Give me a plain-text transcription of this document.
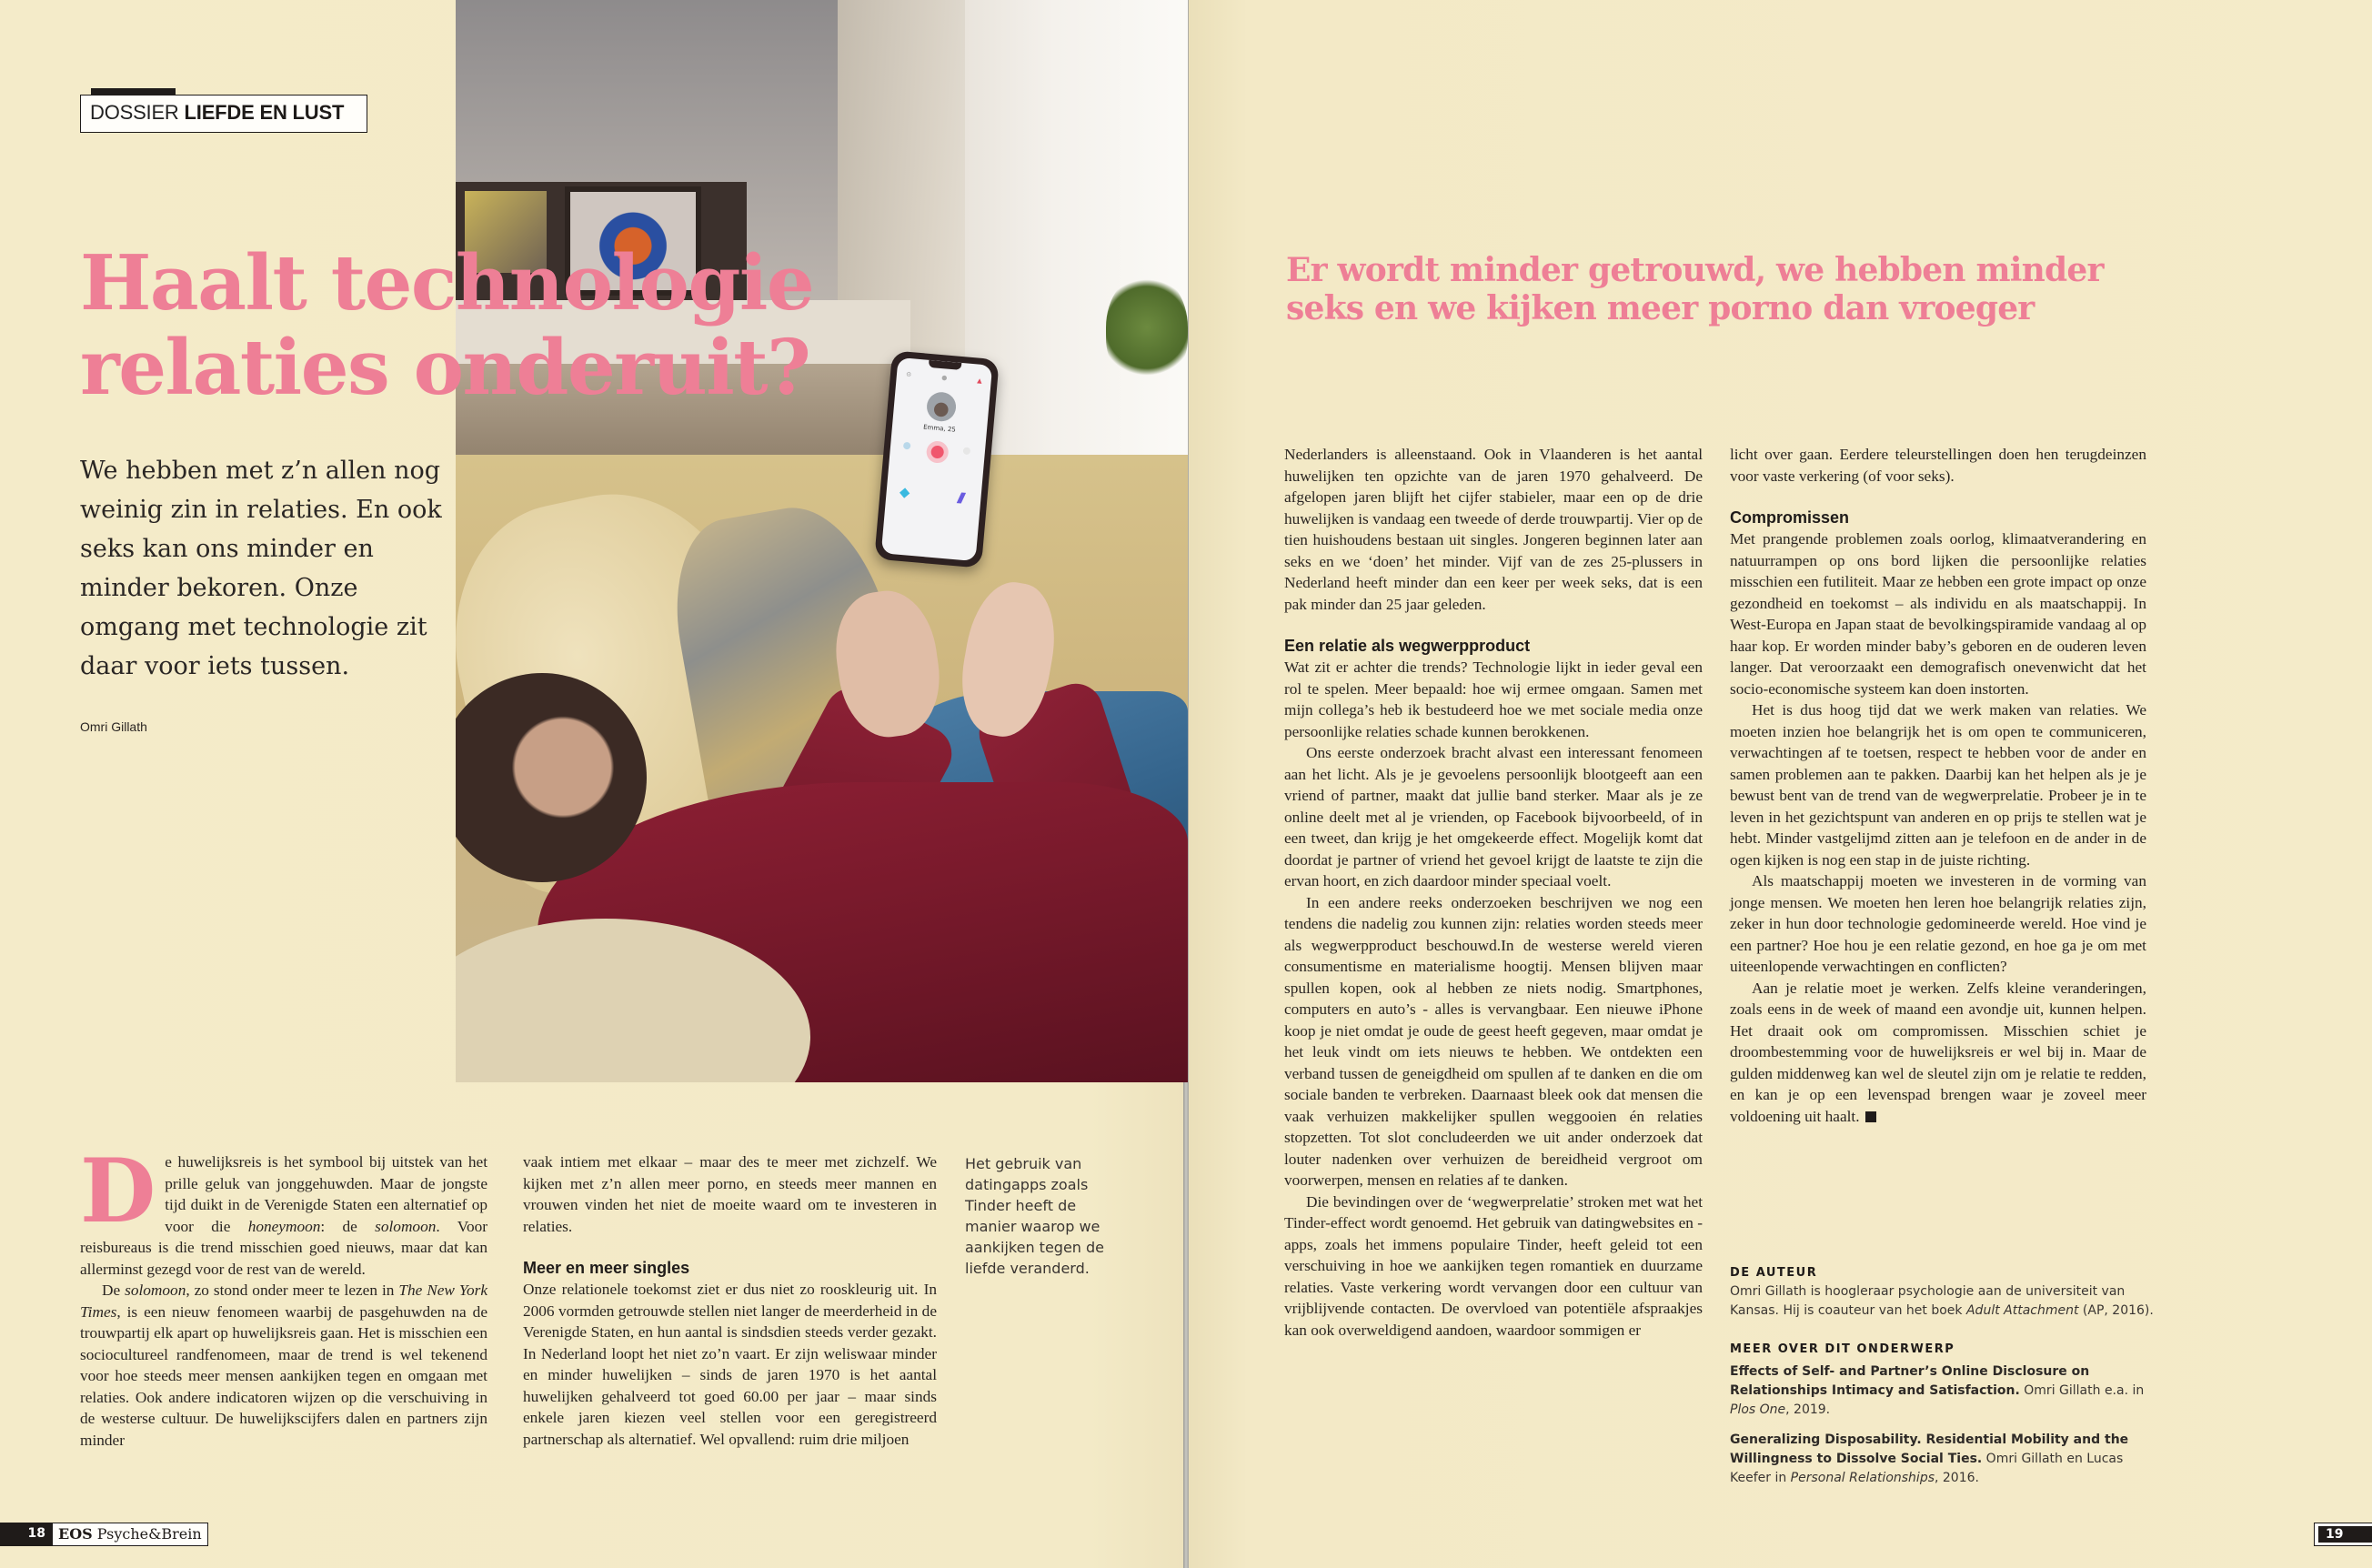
⚙	●	▲
Emma, 25
DOSSIER LIEFDE EN LUST
Haalt technologie
relaties onderuit?

We hebben met z’n allen nog weinig zin in relaties. En ook seks kan ons minder en minder bekoren. Onze omgang met technologie zit daar voor iets tussen.

Omri Gillath

De huwelijksreis is het symbool bij uitstek van het prille geluk van jonggehuwden. Maar de jongste tijd duikt in de Verenigde Staten een alternatief op voor die honeymoon: de solomoon. Voor reisbureaus is die trend misschien goed nieuws, maar dat kan allerminst gezegd voor de rest van de wereld.

De solomoon, zo stond onder meer te lezen in The New York Times, is een nieuw fenomeen waarbij de pasgehuwden na de trouwpartij elk apart op huwelijksreis gaan. Het is misschien een sociocultureel randfenomeen, maar de trend is wel tekenend voor hoe steeds meer mensen aankijken tegen en omgaan met relaties. Ook andere indicatoren wijzen op die verschuiving in de westerse cultuur. De huwelijkscijfers dalen en partners zijn minder

vaak intiem met elkaar – maar des te meer met zichzelf. We kijken met z’n allen meer porno, en steeds meer mannen en vrouwen vinden het niet de moeite waard om te investeren in relaties.

Meer en meer singles

Onze relationele toekomst ziet er dus niet zo rooskleurig uit. In 2006 vormden getrouwde stellen niet langer de meerderheid in de Verenigde Staten, en hun aantal is sindsdien steeds verder gezakt. In Nederland loopt het niet zo’n vaart. Er zijn weliswaar minder en minder huwelijken – sinds de jaren 1970 is het aantal huwelijken gehalveerd tot goed 60.00 per jaar – maar sinds enkele jaren kiezen veel stellen voor een geregistreerd partnerschap als alternatief. Wel opvallend: ruim drie miljoen

Het gebruik van datingapps zoals Tinder heeft de manier waarop we aankijken tegen de liefde veranderd.
Er wordt minder getrouwd, we hebben minder seks en we kijken meer porno dan vroeger

Nederlanders is alleenstaand. Ook in Vlaanderen is het aantal huwelijken ten opzichte van de jaren 1970 gehalveerd. De afgelopen jaren blijft het cijfer stabieler, maar een op de drie huwelijken is vandaag een tweede of derde trouwpartij. Vier op de tien huishoudens bestaan uit singles. Jongeren beginnen later aan seks en we ‘doen’ het minder. Vijf van de zes 25-plussers in Nederland heeft minder dan een keer per week seks, dat is een pak minder dan 25 jaar geleden.

Een relatie als wegwerpproduct

Wat zit er achter die trends? Technologie lijkt in ieder geval een rol te spelen. Meer bepaald: hoe wij ermee omgaan. Samen met mijn collega’s heb ik bestudeerd hoe we met sociale media onze persoonlijke relaties schade kunnen berokkenen.

Ons eerste onderzoek bracht alvast een interessant fenomeen aan het licht. Als je je gevoelens persoonlijk blootgeeft aan een vriend of partner, maakt dat jullie band sterker. Maar als je ze online deelt met al je vrienden, op Facebook bijvoorbeeld, of in een tweet, dan krijg je het omgekeerde effect. Mogelijk komt dat doordat je partner of vriend het gevoel krijgt de laatste te zijn die ervan hoort, en zich daardoor minder speciaal voelt.

In een andere reeks onderzoeken beschrijven we nog een tendens die nadelig zou kunnen zijn: relaties worden steeds meer als wegwerpproduct beschouwd.In de westerse wereld vieren consumentisme en materialisme hoogtij. Mensen blijven maar spullen kopen, ook al hebben ze niets nodig. Smartphones, computers en auto’s - alles is vervangbaar. Een nieuwe iPhone koop je niet omdat je oude de geest heeft gegeven, maar omdat je het leuk vindt om iets nieuws te hebben. We ontdekten een verband tussen de geneigdheid om spullen af te danken en die om sociale banden te verbreken. Daarnaast bleek ook dat mensen die vaak verhuizen makkelijker spullen weggooien én relaties stopzetten. Tot slot concludeerden we uit ander onderzoek dat louter nadenken over verhuizen de bereidheid vergroot om voorwerpen, mensen en relaties af te danken.

Die bevindingen over de ‘wegwerprelatie’ stroken met wat het Tinder-effect wordt genoemd. Het gebruik van datingwebsites en -apps, zoals het immens populaire Tinder, heeft geleid tot een verschuiving in hoe we aankijken tegen romantiek en duurzame relaties. Vaste verkering wordt vervangen door een cultuur van vrijblijvende contacten. De overvloed van potentiële afspraakjes kan ook overweldigend aandoen, waardoor sommigen er

licht over gaan. Eerdere teleurstellingen doen hen terugdeinzen voor vaste verkering (of voor seks).

Compromissen

Met prangende problemen zoals oorlog, klimaatverandering en natuurrampen op ons bord lijken die persoonlijke relaties misschien een futiliteit. Maar ze hebben een grote impact op onze gezondheid en toekomst – als individu en als maatschappij. In West-Europa en Japan staat de bevolkingspiramide vandaag al op haar kop. Er worden minder baby’s geboren en de ouderen leven langer. Dat veroorzaakt een demografisch onevenwicht dat het socio-economische systeem kan doen instorten.

Het is dus hoog tijd dat we werk maken van relaties. We moeten inzien hoe belangrijk het is om open te communiceren, verwachtingen af te toetsen, respect te hebben voor de ander en samen problemen aan te pakken. Daarbij kan het helpen als je je bewust bent van de trend van de wegwerprelatie. Probeer je in te leven in het gezichtspunt van anderen en op prijs te stellen wat je hebt. Minder vastgelijmd zitten aan je telefoon en de ander in de ogen kijken is nog een stap in de juiste richting.

Als maatschappij moeten we investeren in de vorming van jonge mensen. We moeten hen leren hoe belangrijk relaties zijn, zeker in hun door technologie gedomineerde wereld. Hoe vind je een partner? Hoe hou je een relatie gezond, en hoe ga je om met uiteenlopende verwachtingen en conflicten?

Aan je relatie moet je werken. Zelfs kleine veranderingen, zoals eens in de week of maand een avondje uit, kunnen helpen. Het draait ook om compromissen. Misschien schiet je droombestemming voor de huwelijksreis er wel bij in. Maar de gulden middenweg kan wel de sleutel zijn om je relatie te redden, en kan je op een levenspad brengen waar je zoveel meer voldoening uit haalt.

DE AUTEUR
Omri Gillath is hoogleraar psychologie aan de universiteit van Kansas. Hij is coauteur van het boek Adult Attachment (AP, 2016).
MEER OVER DIT ONDERWERP
Effects of Self- and Partner’s Online Disclosure on Relationships Intimacy and Satisfaction. Omri Gillath e.a. in Plos One, 2019.
Generalizing Disposability. Residential Mobility and the Willingness to Dissolve Social Ties. Omri Gillath en Lucas Keefer in Personal Relationships, 2016.
18 EOS Psyche&Brein	19
